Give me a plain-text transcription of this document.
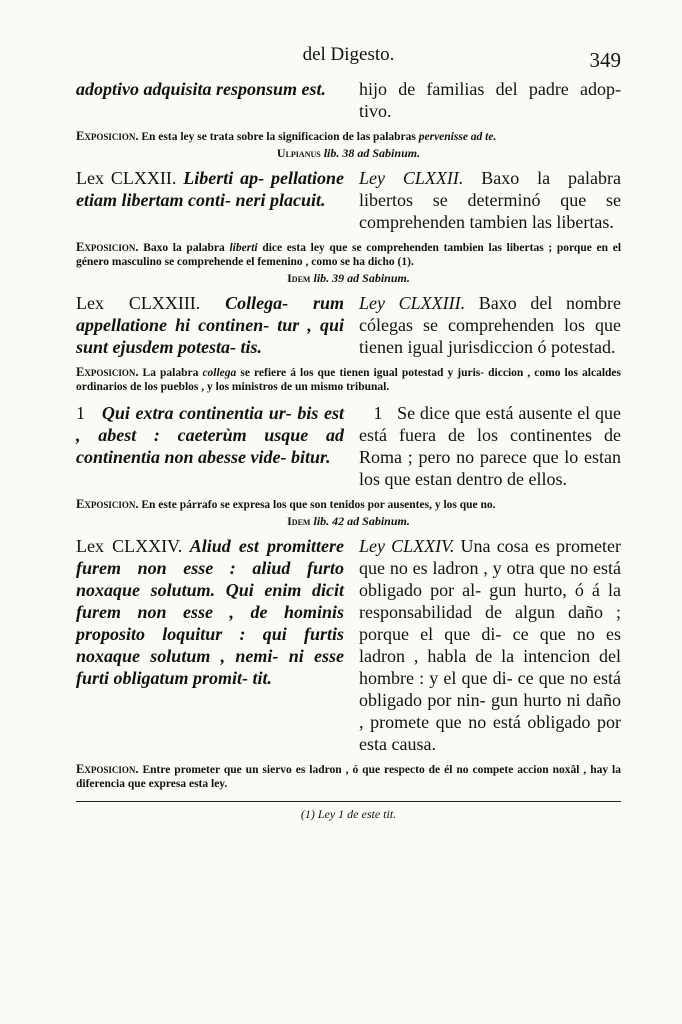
del Digesto.	349
adoptivo adquisita responsum est.	hijo de familias del padre adop- tivo.
Exposicion. En esta ley se trata sobre la significacion de las palabras pervenisse ad te.
Ulpianus lib. 38 ad Sabinum.
Lex CLXXII. Liberti ap- pellatione etiam libertam conti- neri placuit.
Ley CLXXII. Baxo la palabra libertos se determinó que se comprehenden tambien las libertas.
Exposicion. Baxo la palabra liberti dice esta ley que se comprehenden tambien las libertas ; porque en el género masculino se comprehende el femenino , como se ha dicho (1).
Idem lib. 39 ad Sabinum.
Lex CLXXIII. Collega- rum appellatione hi continen- tur , qui sunt ejusdem potesta- tis.
Ley CLXXIII. Baxo del nombre cólegas se comprehenden los que tienen igual jurisdiccion ó potestad.
Exposicion. La palabra collega se refiere á los que tienen igual potestad y juris- diccion , como los alcaldes ordinarios de los pueblos , y los ministros de un mismo tribunal.
1 Qui extra continentia ur- bis est , abest : caeterùm usque ad continentia non abesse vide- bitur.
1 Se dice que está ausente el que está fuera de los continentes de Roma ; pero no parece que lo estan los que estan dentro de ellos.
Exposicion. En este párrafo se expresa los que son tenidos por ausentes, y los que no.
Idem lib. 42 ad Sabinum.
Lex CLXXIV. Aliud est promittere furem non esse : aliud furto noxaque solutum. Qui enim dicit furem non esse , de hominis proposito loquitur : qui furtis noxaque solutum , nemi- ni esse furti obligatum promit- tit.
Ley CLXXIV. Una cosa es prometer que no es ladron , y otra que no está obligado por al- gun hurto, ó á la responsabilidad de algun daño ; porque el que di- ce que no es ladron , habla de la intencion del hombre : y el que di- ce que no está obligado por nin- gun hurto ni daño , promete que no está obligado por esta causa.
Exposicion. Entre prometer que un siervo es ladron , ó que respecto de él no compete accion noxâl , hay la diferencia que expresa esta ley.
(1) Ley 1 de este tit.
